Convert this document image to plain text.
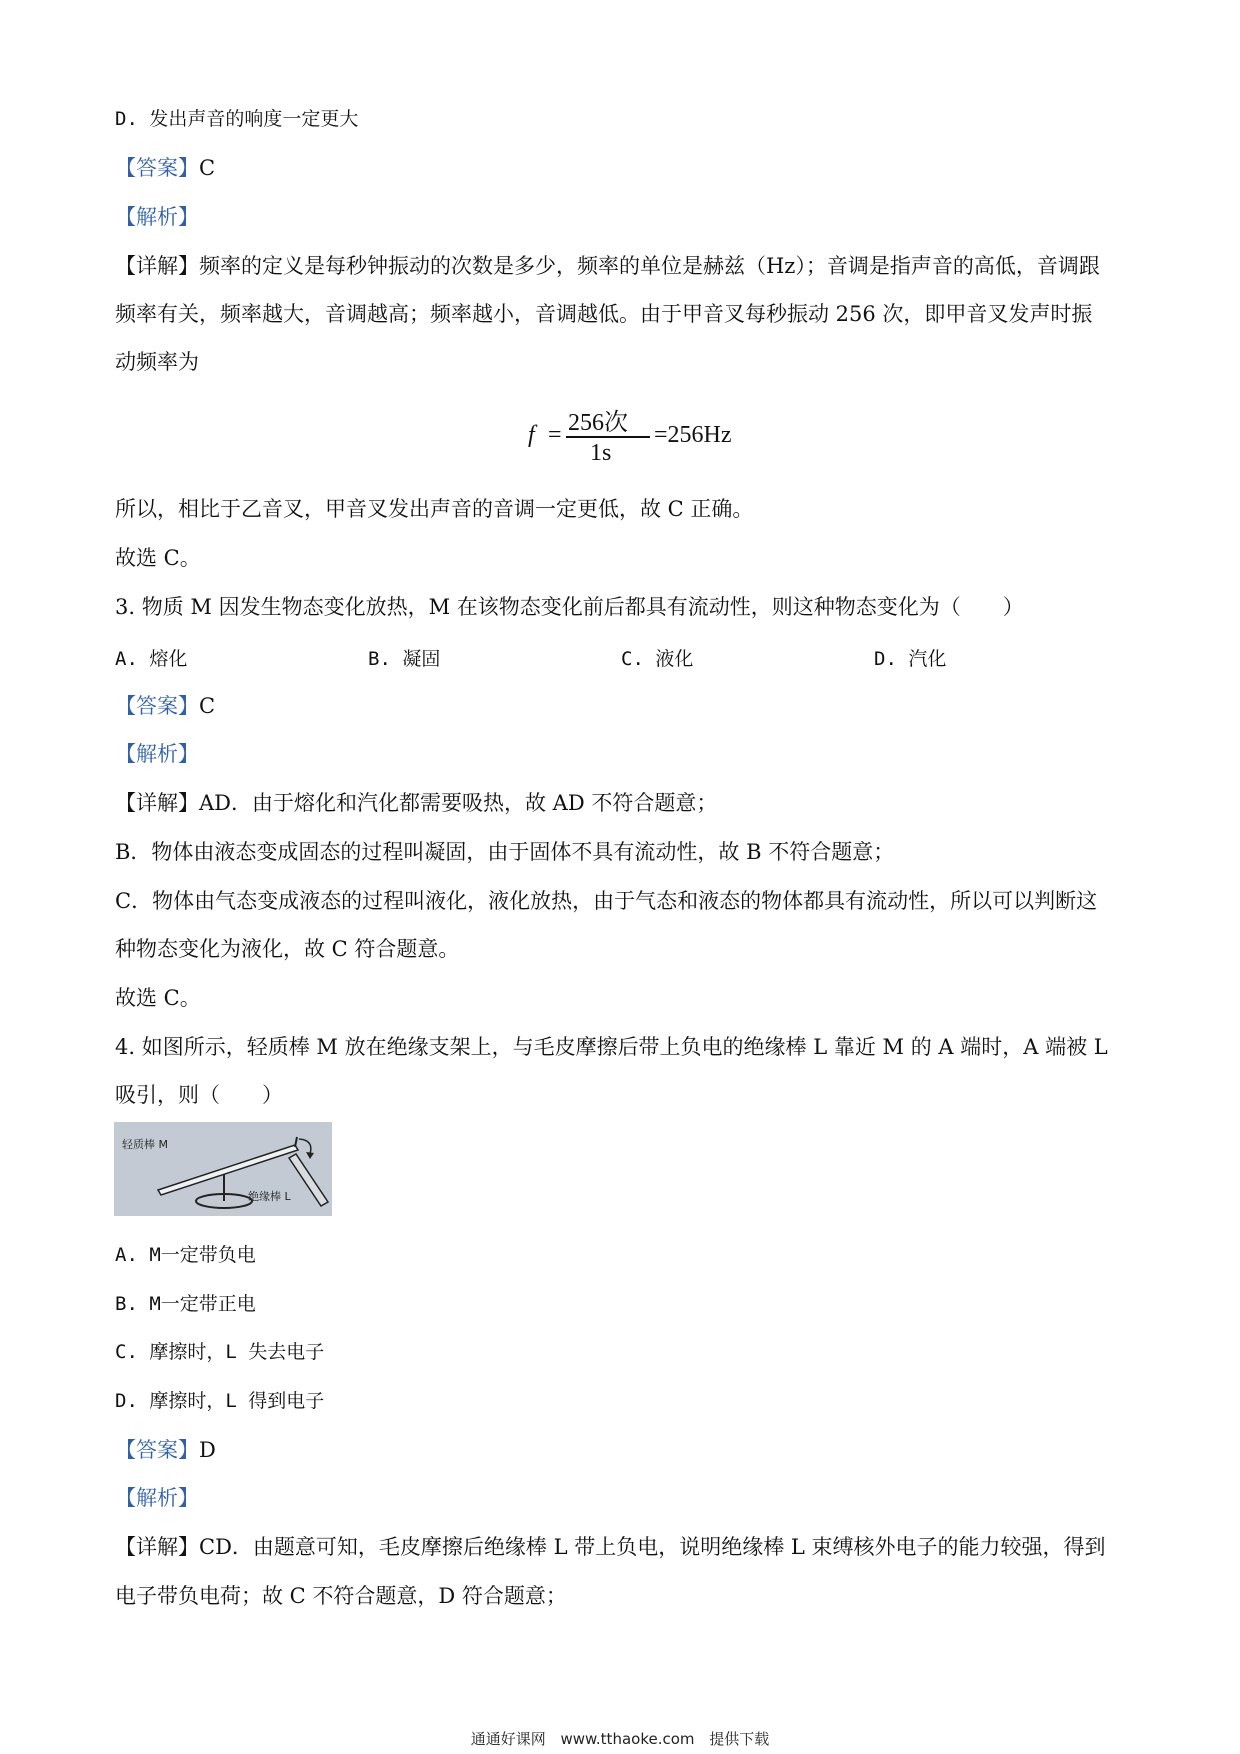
D. 发出声音的响度一定更大
【答案】C
【解析】
【详解】频率的定义是每秒钟振动的次数是多少，频率的单位是赫兹（Hz）；音调是指声音的高低，音调跟
频率有关，频率越大，音调越高；频率越小，音调越低。由于甲音叉每秒振动 256 次，即甲音叉发声时振
动频率为
f = 256次
1s
=256Hz
所以，相比于乙音叉，甲音叉发出声音的音调一定更低，故 C 正确。
故选 C。
3. 物质 M 因发生物态变化放热，M 在该物态变化前后都具有流动性，则这种物态变化为（　　）
A. 熔化	B. 凝固	C. 液化	D. 汽化
【答案】C
【解析】
【详解】AD．由于熔化和汽化都需要吸热，故 AD 不符合题意；
B．物体由液态变成固态的过程叫凝固，由于固体不具有流动性，故 B 不符合题意；
C．物体由气态变成液态的过程叫液化，液化放热，由于气态和液态的物体都具有流动性，所以可以判断这
种物态变化为液化，故 C 符合题意。
故选 C。
4. 如图所示，轻质棒 M 放在绝缘支架上，与毛皮摩擦后带上负电的绝缘棒 L 靠近 M 的 A 端时，A 端被 L
吸引，则（　　）
轻质棒 M
绝缘棒 L
A. M一定带负电
B. M一定带正电
C. 摩擦时，L 失去电子
D. 摩擦时，L 得到电子
【答案】D
【解析】
【详解】CD．由题意可知，毛皮摩擦后绝缘棒 L 带上负电，说明绝缘棒 L 束缚核外电子的能力较强，得到
电子带负电荷；故 C 不符合题意，D 符合题意；
通通好课网 www.tthaoke.com 提供下载
